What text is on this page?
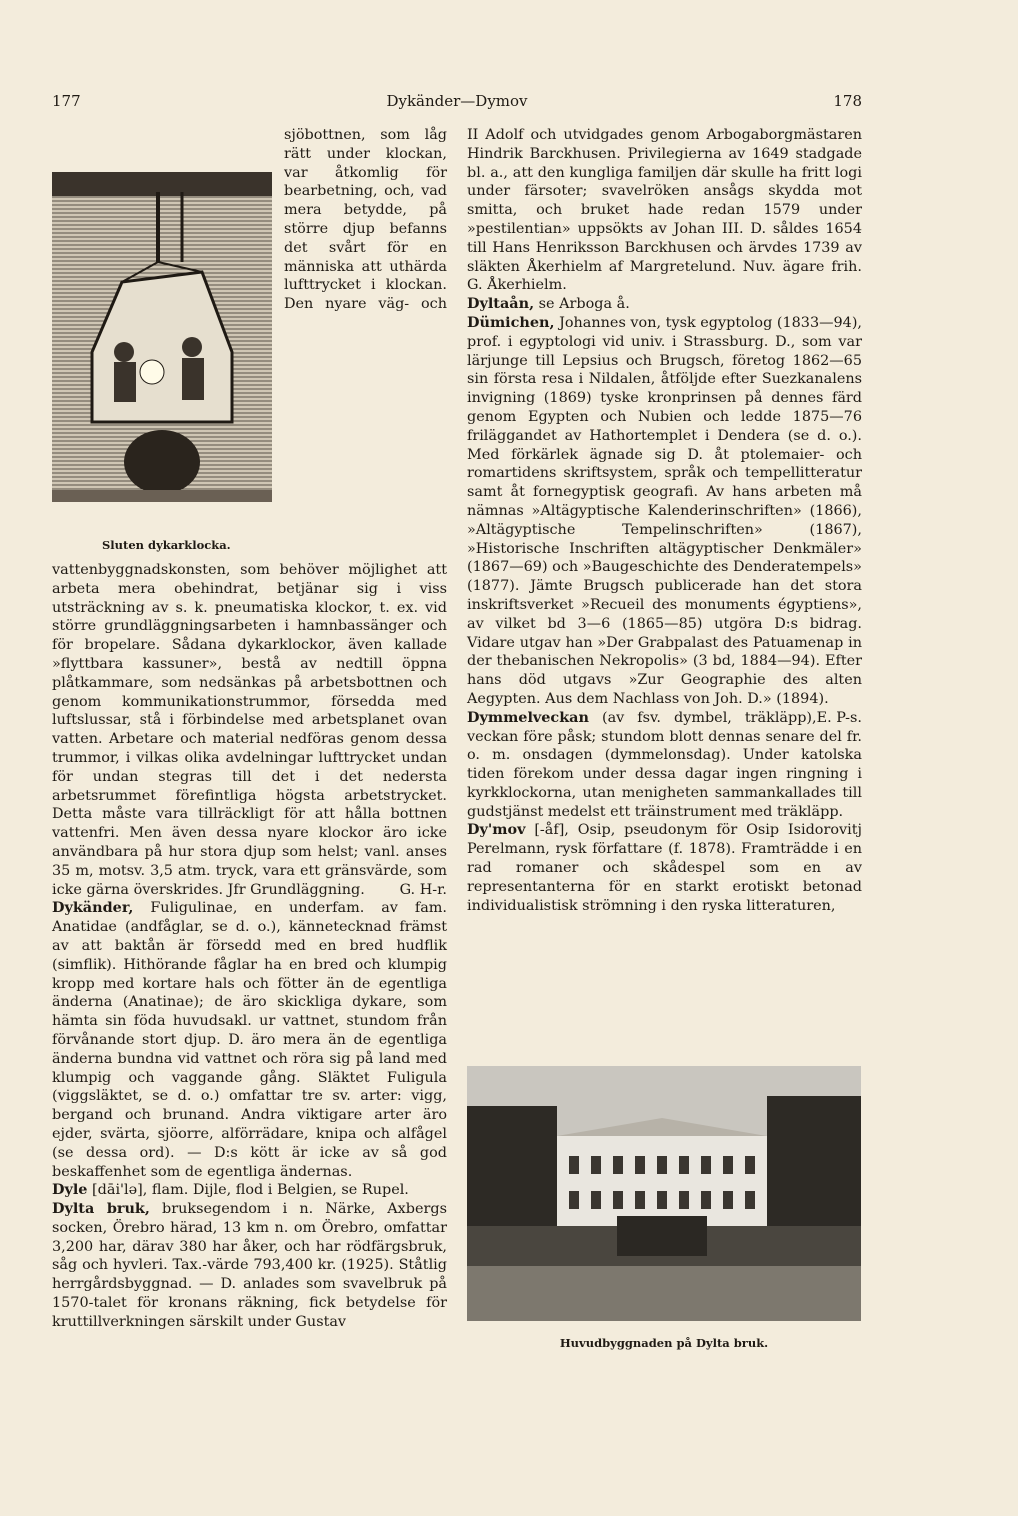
177	Dykänder—Dymov	178
Sluten dykarklocka.

sjöbottnen, som låg rätt under klockan, var åtkomlig för bearbetning, och, vad mera betydde, på större djup befanns det svårt för en människa att uthärda lufttrycket i klockan. Den nyare väg- och vattenbyggnadskonsten, som behöver möjlighet att arbeta mera obehindrat, betjänar sig i viss utsträckning av s. k. pneumatiska klockor, t. ex. vid större grundläggningsarbeten i hamnbassänger och för bropelare. Sådana dykarklockor, även kallade »flyttbara kassuner», bestå av nedtill öppna plåtkammare, som nedsänkas på arbetsbottnen och genom kommunikationstrummor, försedda med luftslussar, stå i förbindelse med arbetsplanet ovan vatten. Arbetare och material nedföras genom dessa trummor, i vilkas olika avdelningar lufttrycket undan för undan stegras till det i det nedersta arbetsrummet förefintliga högsta arbetstrycket. Detta måste vara tillräckligt för att hålla bottnen vattenfri. Men även dessa nyare klockor äro icke användbara på hur stora djup som helst; vanl. anses 35 m, motsv. 3,5 atm. tryck, vara ett gränsvärde, som icke gärna överskrides. Jfr Grundläggning. G. H-r.

Dykänder, Fuligulinae, en underfam. av fam. Anatidae (andfåglar, se d. o.), kännetecknad främst av att baktån är försedd med en bred hudflik (simflik). Hithörande fåglar ha en bred och klumpig kropp med kortare hals och fötter än de egentliga änderna (Anatinae); de äro skickliga dykare, som hämta sin föda huvudsakl. ur vattnet, stundom från förvånande stort djup. D. äro mera än de egentliga änderna bundna vid vattnet och röra sig på land med klumpig och vaggande gång. Släktet Fuligula (viggsläktet, se d. o.) omfattar tre sv. arter: vigg, bergand och brunand. Andra viktigare arter äro ejder, svärta, sjöorre, alförrädare, knipa och alfågel (se dessa ord). — D:s kött är icke av så god beskaffenhet som de egentliga ändernas.

Dyle [dāi'lə], flam. Dijle, flod i Belgien, se Rupel.

Dylta bruk, bruksegendom i n. Närke, Axbergs socken, Örebro härad, 13 km n. om Örebro, omfattar 3,200 har, därav 380 har åker, och har rödfärgsbruk, såg och hyvleri. Tax.-värde 793,400 kr. (1925). Ståtlig herrgårdsbyggnad. — D. anlades som svavelbruk på 1570-talet för kronans räkning, fick betydelse för kruttillverkningen särskilt under Gustav

II Adolf och utvidgades genom Arbogaborgmästaren Hindrik Barckhusen. Privilegierna av 1649 stadgade bl. a., att den kungliga familjen där skulle ha fritt logi under färsoter; svavelröken ansågs skydda mot smitta, och bruket hade redan 1579 under »pestilentian» uppsökts av Johan III. D. såldes 1654 till Hans Henriksson Barckhusen och ärvdes 1739 av släkten Åkerhielm af Margretelund. Nuv. ägare frih. G. Åkerhielm.

Dyltaån, se Arboga å.

Dümichen, Johannes von, tysk egyptolog (1833—94), prof. i egyptologi vid univ. i Strassburg. D., som var lärjunge till Lepsius och Brugsch, företog 1862—65 sin första resa i Nildalen, åtföljde efter Suezkanalens invigning (1869) tyske kronprinsen på dennes färd genom Egypten och Nubien och ledde 1875—76 friläggandet av Hathortemplet i Dendera (se d. o.). Med förkärlek ägnade sig D. åt ptolemaier- och romartidens skriftsystem, språk och tempellitteratur samt åt fornegyptisk geografi. Av hans arbeten må nämnas »Altägyptische Kalenderinschriften» (1866), »Altägyptische Tempelinschriften» (1867), »Historische Inschriften altägyptischer Denkmäler» (1867—69) och »Baugeschichte des Denderatempels» (1877). Jämte Brugsch publicerade han det stora inskriftsverket »Recueil des monuments égyptiens», av vilket bd 3—6 (1865—85) utgöra D:s bidrag. Vidare utgav han »Der Grabpalast des Patuamenap in der thebanischen Nekropolis» (3 bd, 1884—94). Efter hans död utgavs »Zur Geographie des alten Aegypten. Aus dem Nachlass von Joh. D.» (1894).
E. P-s.

Dymmelveckan (av fsv. dymbel, träkläpp), veckan före påsk; stundom blott dennas senare del fr. o. m. onsdagen (dymmelonsdag). Under katolska tiden förekom under dessa dagar ingen ringning i kyrkklockorna, utan menigheten sammankallades till gudstjänst medelst ett träinstrument med träkläpp.

Dy'mov [-åf], Osip, pseudonym för Osip Isidorovitj Perelmann, rysk författare (f. 1878). Framträdde i en rad romaner och skådespel som en av representanterna för en starkt erotiskt betonad individualistisk strömning i den ryska litteraturen,

Huvudbyggnaden på Dylta bruk.
